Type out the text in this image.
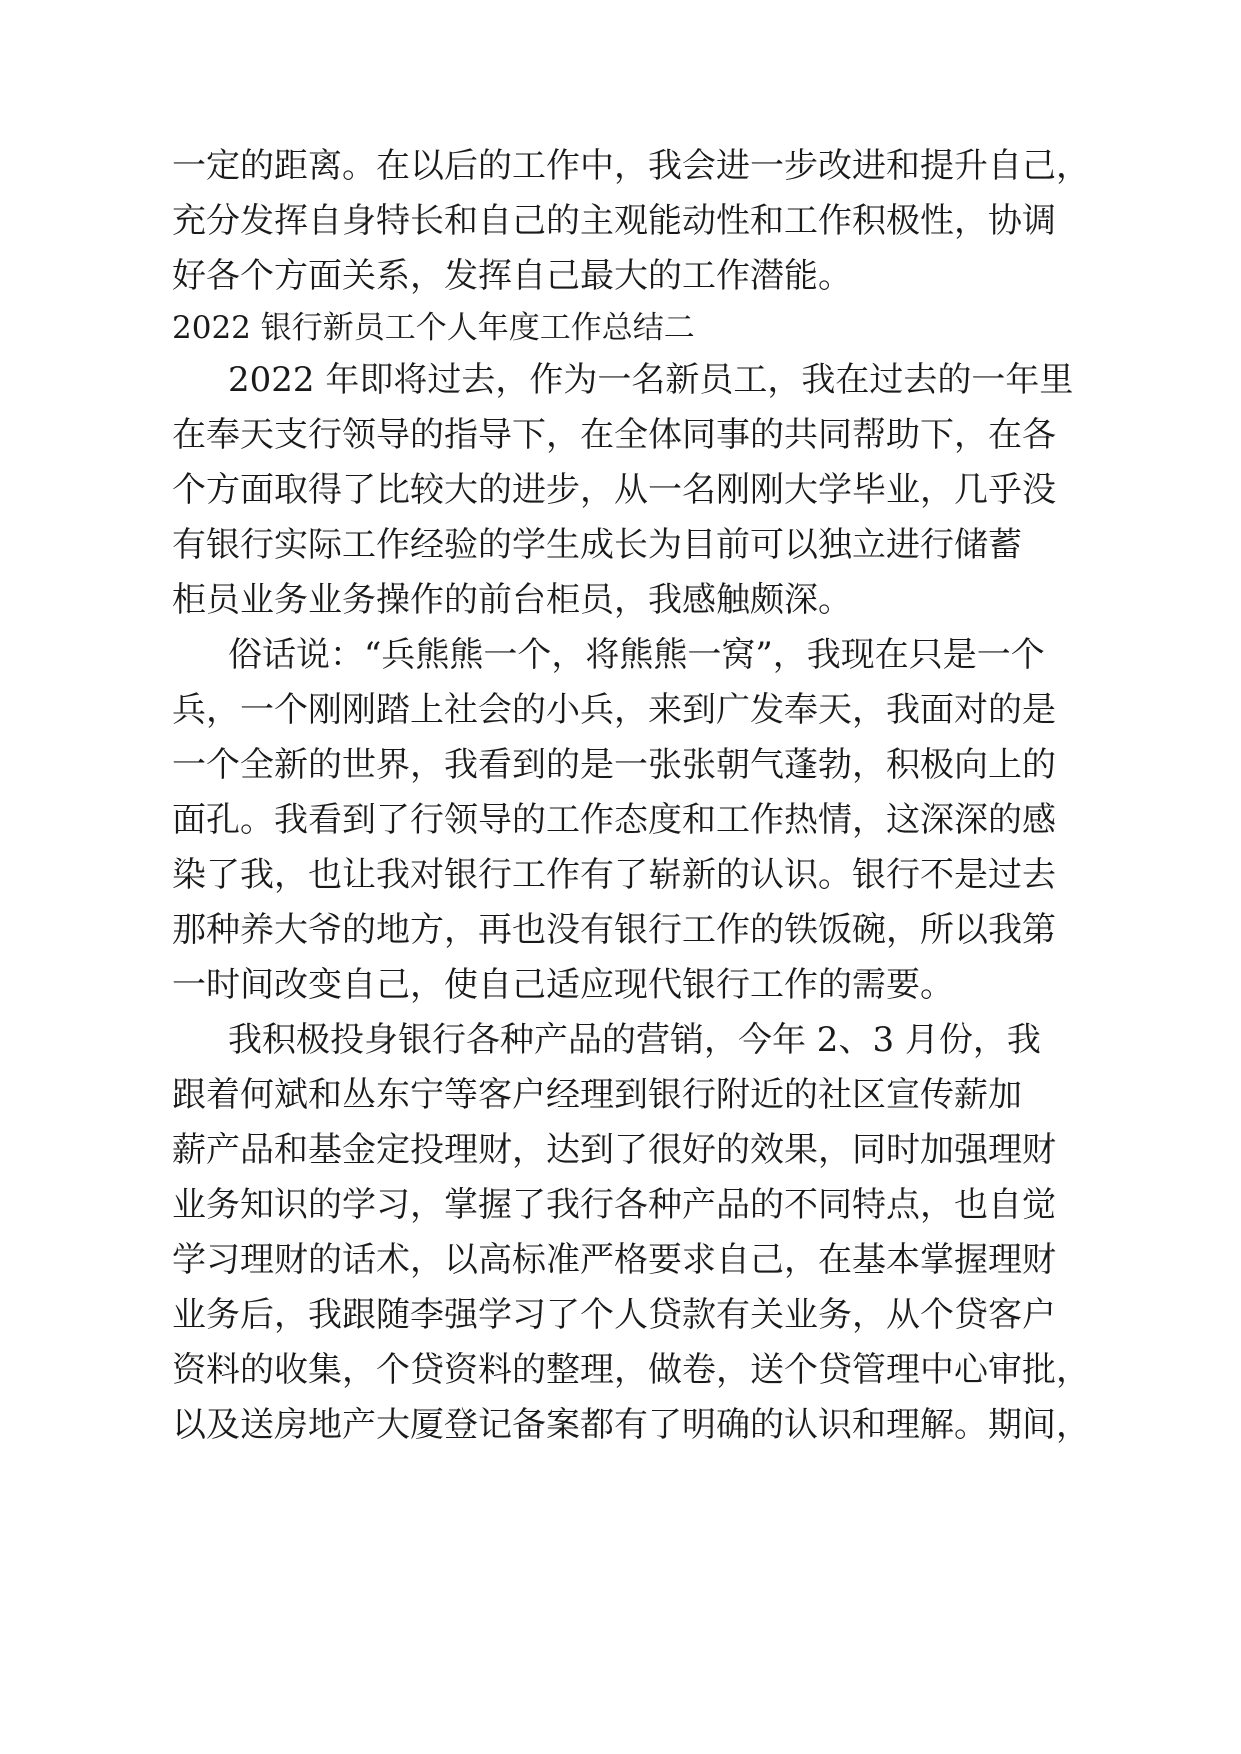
一定的距离。在以后的工作中，我会进一步改进和提升自己，
充分发挥自身特长和自己的主观能动性和工作积极性，协调
好各个方面关系，发挥自己最大的工作潜能。
2022 银行新员工个人年度工作总结二
2022 年即将过去，作为一名新员工，我在过去的一年里
在奉天支行领导的指导下，在全体同事的共同帮助下，在各
个方面取得了比较大的进步，从一名刚刚大学毕业，几乎没
有银行实际工作经验的学生成长为目前可以独立进行储蓄
柜员业务业务操作的前台柜员，我感触颇深。
俗话说：“兵熊熊一个，将熊熊一窝”，我现在只是一个
兵，一个刚刚踏上社会的小兵，来到广发奉天，我面对的是
一个全新的世界，我看到的是一张张朝气蓬勃，积极向上的
面孔。我看到了行领导的工作态度和工作热情，这深深的感
染了我，也让我对银行工作有了崭新的认识。银行不是过去
那种养大爷的地方，再也没有银行工作的铁饭碗，所以我第
一时间改变自己，使自己适应现代银行工作的需要。
我积极投身银行各种产品的营销，今年 2、3 月份，我
跟着何斌和丛东宁等客户经理到银行附近的社区宣传薪加
薪产品和基金定投理财，达到了很好的效果，同时加强理财
业务知识的学习，掌握了我行各种产品的不同特点，也自觉
学习理财的话术，以高标准严格要求自己，在基本掌握理财
业务后，我跟随李强学习了个人贷款有关业务，从个贷客户
资料的收集，个贷资料的整理，做卷，送个贷管理中心审批，
以及送房地产大厦登记备案都有了明确的认识和理解。期间，
